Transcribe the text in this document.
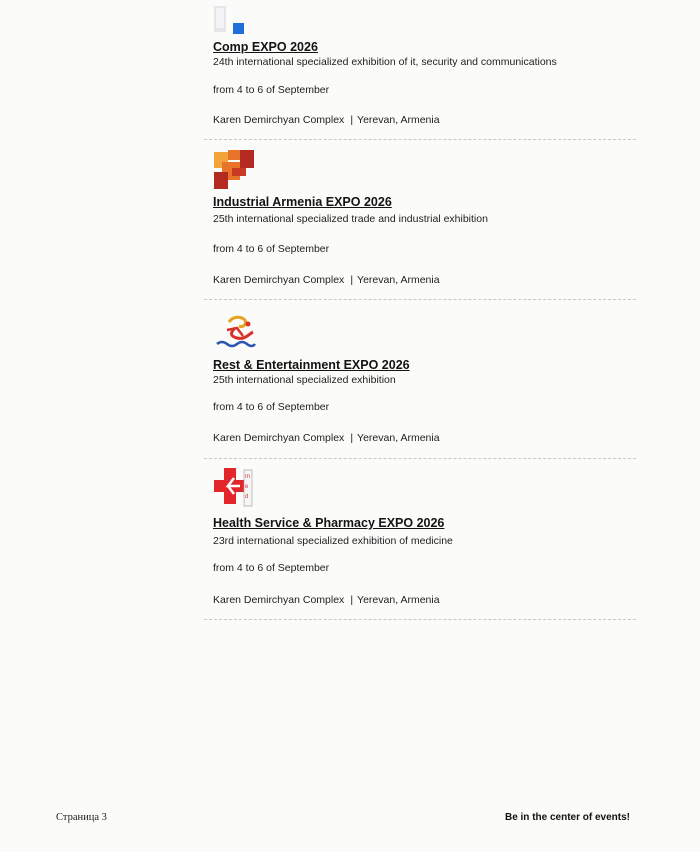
Comp EXPO 2026
24th international specialized exhibition of it, security and communications
from 4 to 6 of September
Karen Demirchyan Complex | Yerevan, Armenia
Industrial Armenia EXPO 2026
25th international specialized trade and industrial exhibition
from 4 to 6 of September
Karen Demirchyan Complex | Yerevan, Armenia
Rest & Entertainment EXPO 2026
25th international specialized exhibition
from 4 to 6 of September
Karen Demirchyan Complex | Yerevan, Armenia
m
e
d
Health Service & Pharmacy EXPO 2026
23rd international specialized exhibition of medicine
from 4 to 6 of September
Karen Demirchyan Complex | Yerevan, Armenia
Страница 3	Be in the center of events!
